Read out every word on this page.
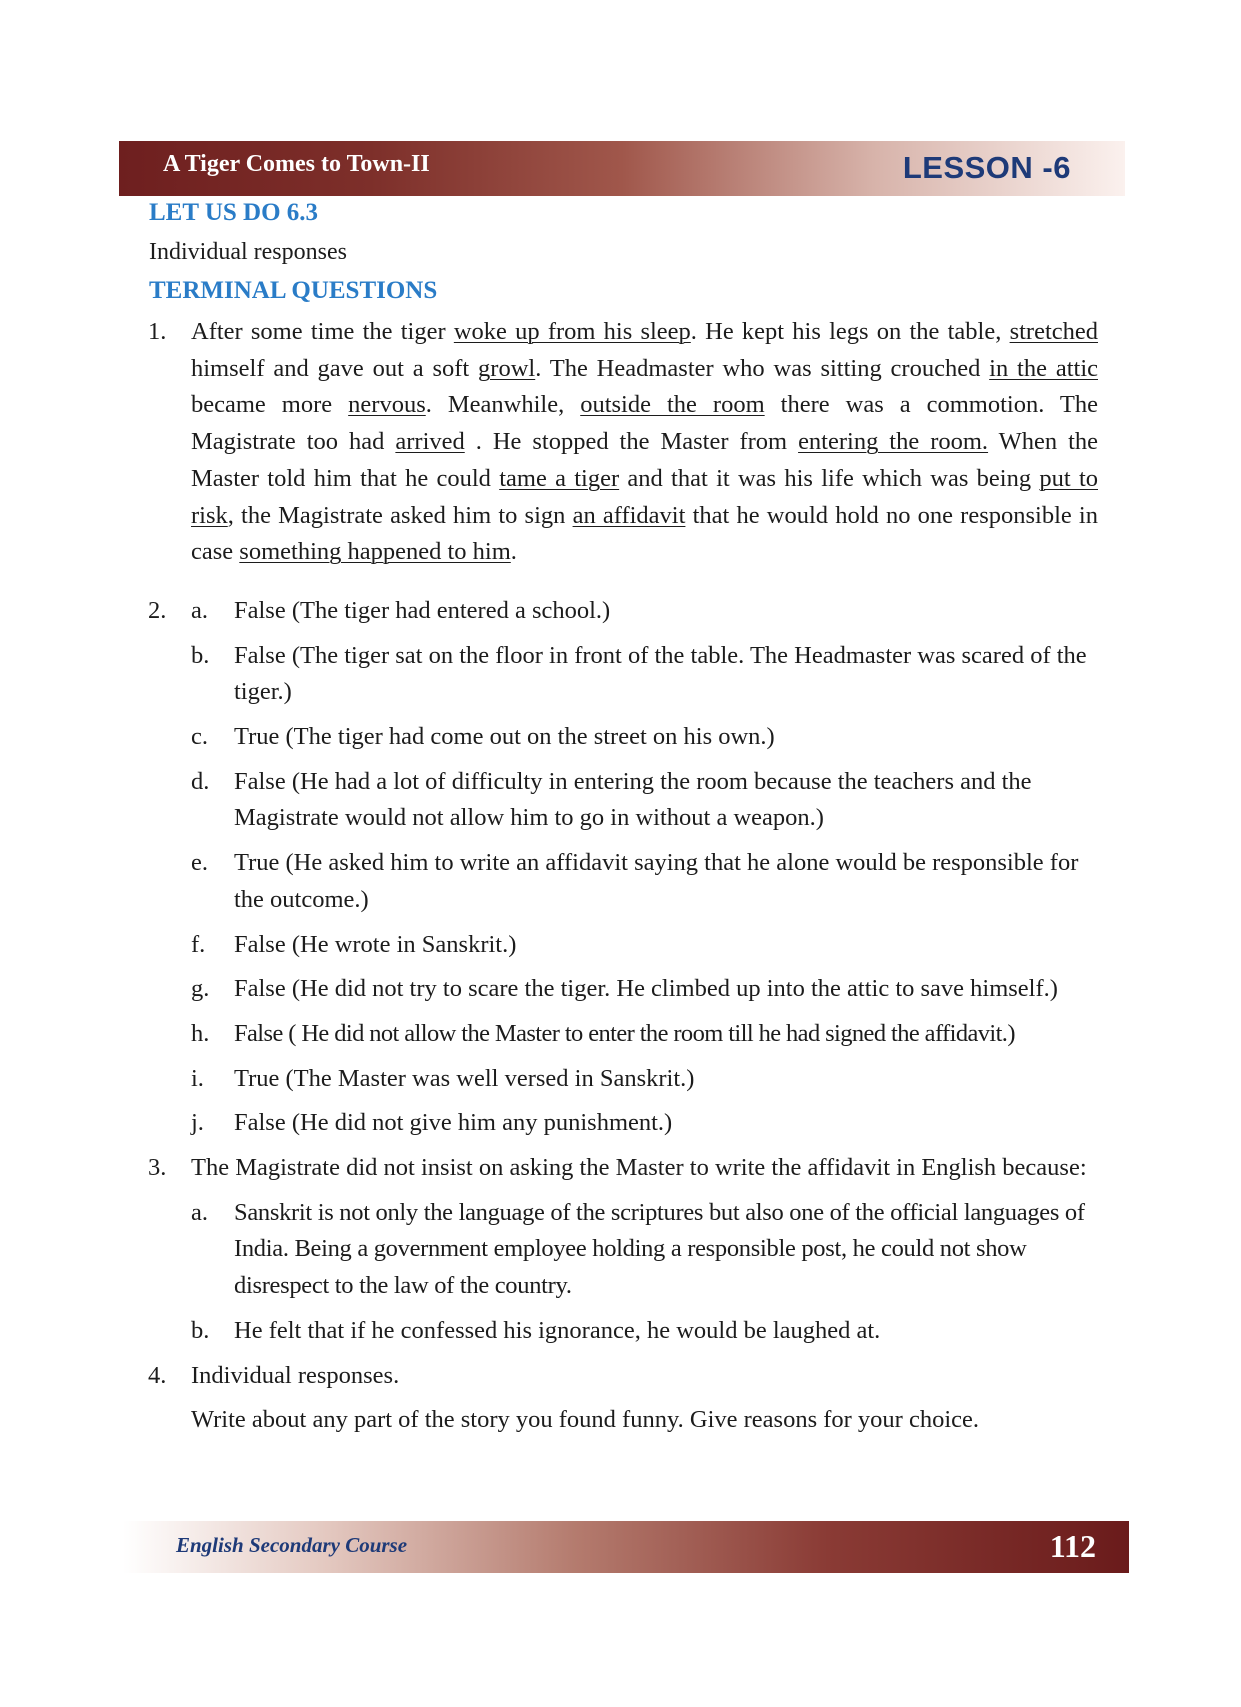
A Tiger Comes to Town-II	LESSON -6
LET US DO 6.3
Individual responses
TERMINAL QUESTIONS
1. After some time the tiger woke up from his sleep. He kept his legs on the table, stretched himself and gave out a soft growl. The Headmaster who was sitting crouched in the attic became more nervous. Meanwhile, outside the room there was a commotion. The Magistrate too had arrived . He stopped the Master from entering the room. When the Master told him that he could tame a tiger and that it was his life which was being put to risk, the Magistrate asked him to sign an affidavit that he would hold no one responsible in case something happened to him.
2. a. False (The tiger had entered a school.)
b. False (The tiger sat on the floor in front of the table. The Headmaster was scared of the tiger.)
c. True (The tiger had come out on the street on his own.)
d. False (He had a lot of difficulty in entering the room because the teachers and the Magistrate would not allow him to go in without a weapon.)
e. True (He asked him to write an affidavit saying that he alone would be responsible for the outcome.)
f. False (He wrote in Sanskrit.)
g. False (He did not try to scare the tiger. He climbed up into the attic to save himself.)
h. False ( He did not allow the Master to enter the room till he had signed the affidavit.)
i. True (The Master was well versed in Sanskrit.)
j. False (He did not give him any punishment.)
3. The Magistrate did not insist on asking the Master to write the affidavit in English because:
a. Sanskrit is not only the language of the scriptures but also one of the official languages of India. Being a government employee holding a responsible post, he could not show disrespect to the law of the country.
b. He felt that if he confessed his ignorance, he would be laughed at.
4. Individual responses.
Write about any part of the story you found funny. Give reasons for your choice.
English Secondary Course	112
